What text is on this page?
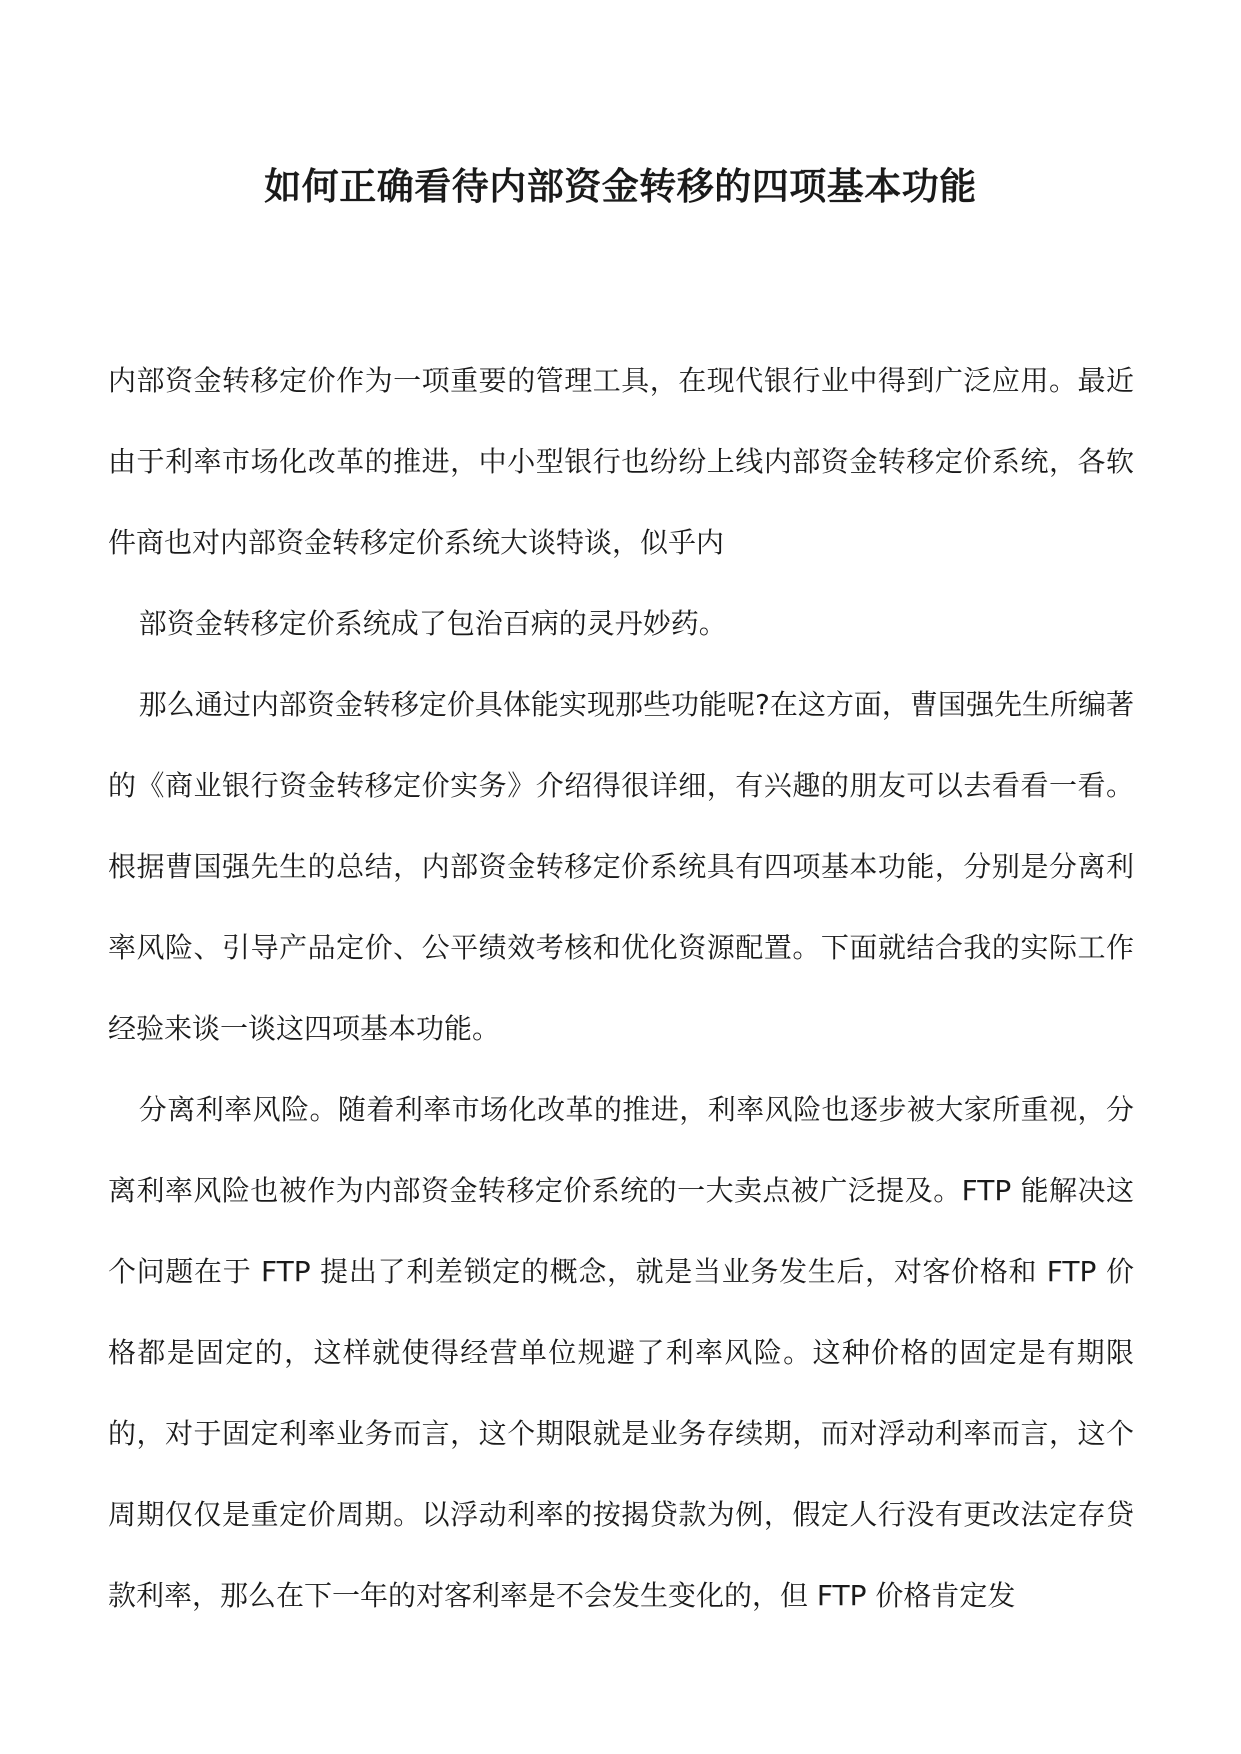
如何正确看待内部资金转移的四项基本功能

内部资金转移定价作为一项重要的管理工具，在现代银行业中得到广泛应用。最近由于利率市场化改革的推进，中小型银行也纷纷上线内部资金转移定价系统，各软件商也对内部资金转移定价系统大谈特谈，似乎内

部资金转移定价系统成了包治百病的灵丹妙药。

那么通过内部资金转移定价具体能实现那些功能呢?在这方面，曹国强先生所编著的《商业银行资金转移定价实务》介绍得很详细，有兴趣的朋友可以去看看一看。根据曹国强先生的总结，内部资金转移定价系统具有四项基本功能，分别是分离利率风险、引导产品定价、公平绩效考核和优化资源配置。下面就结合我的实际工作经验来谈一谈这四项基本功能。

分离利率风险。随着利率市场化改革的推进，利率风险也逐步被大家所重视，分离利率风险也被作为内部资金转移定价系统的一大卖点被广泛提及。FTP 能解决这个问题在于 FTP 提出了利差锁定的概念，就是当业务发生后，对客价格和 FTP 价格都是固定的，这样就使得经营单位规避了利率风险。这种价格的固定是有期限的，对于固定利率业务而言，这个期限就是业务存续期，而对浮动利率而言，这个周期仅仅是重定价周期。以浮动利率的按揭贷款为例，假定人行没有更改法定存贷款利率，那么在下一年的对客利率是不会发生变化的，但 FTP 价格肯定发
